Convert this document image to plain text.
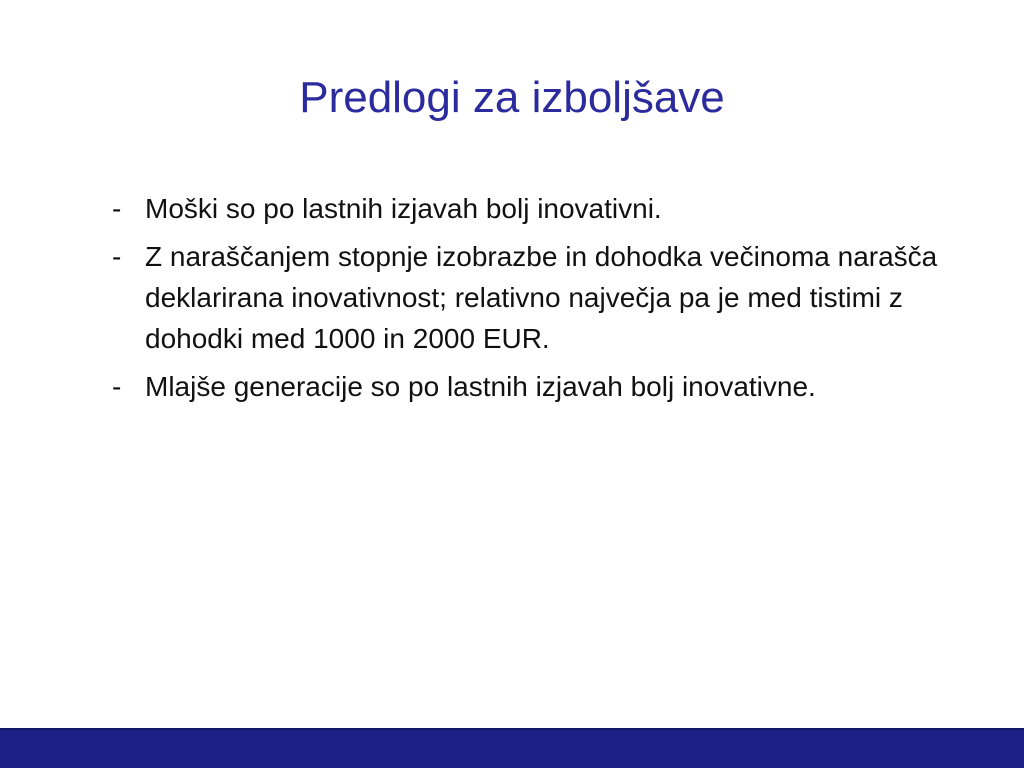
Predlogi za izboljšave
- Moški so po lastnih izjavah bolj inovativni.
- Z naraščanjem stopnje izobrazbe in dohodka večinoma narašča deklarirana inovativnost; relativno največja pa je med tistimi z dohodki med 1000 in 2000 EUR.
- Mlajše generacije so po lastnih izjavah bolj inovativne.
